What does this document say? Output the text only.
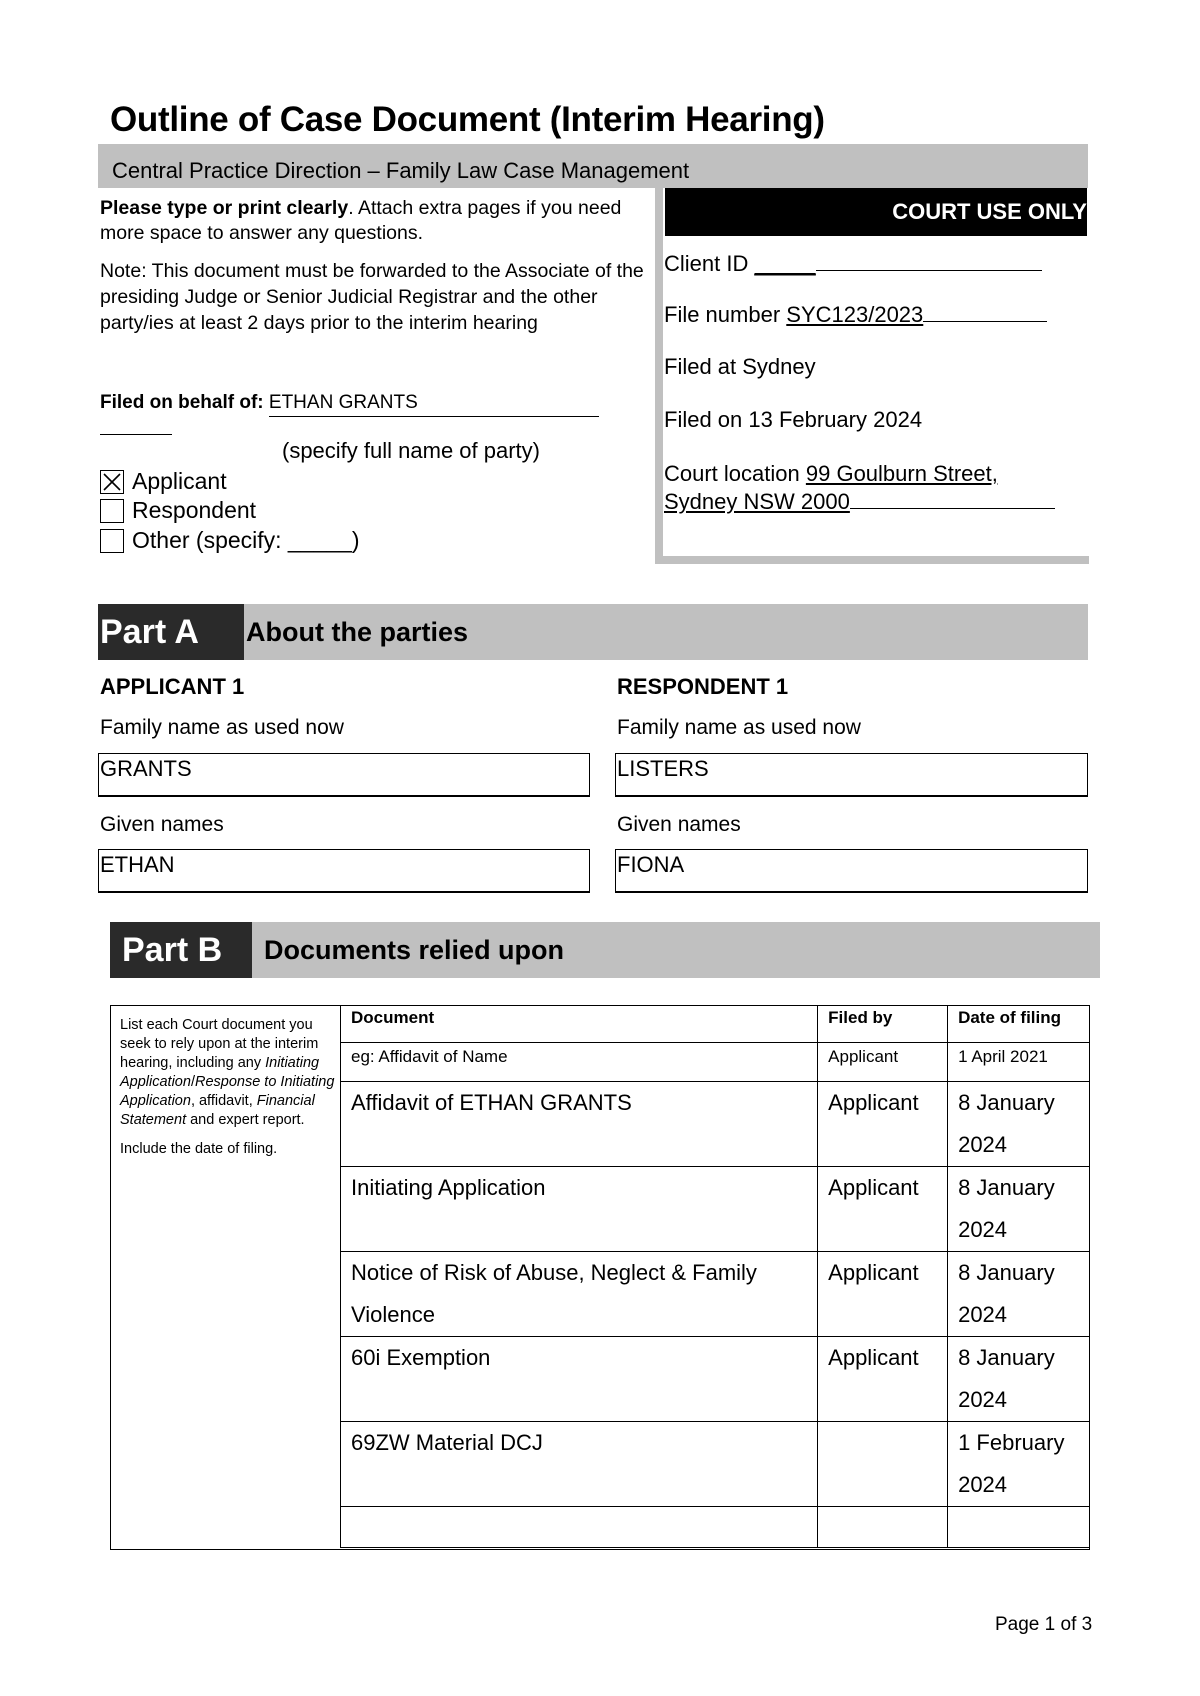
Outline of Case Document (Interim Hearing)
Central Practice Direction – Family Law Case Management
Please type or print clearly. Attach extra pages if you need more space to answer any questions.
Note: This document must be forwarded to the Associate of the presiding Judge or Senior Judicial Registrar and the other party/ies at least 2 days prior to the interim hearing
Filed on behalf of: ETHAN GRANTS

(specify full name of party)
Applicant
Respondent
Other (specify: _____)
COURT USE ONLY
Client ID _____
File number SYC123/2023
Filed at Sydney
Filed on 13 February 2024
Court location 99 Goulburn Street,
Sydney NSW 2000
Part A	About the parties
APPLICANT 1
Family name as used now
GRANTS
Given names
ETHAN
RESPONDENT 1
Family name as used now
LISTERS
Given names
FIONA
Part B	Documents relied upon

List each Court document you seek to rely upon at the interim hearing, including any Initiating Application/Response to Initiating Application, affidavit, Financial Statement and expert report.

Include the date of filing.

Document	Filed by	Date of filing
eg: Affidavit of Name	Applicant	1 April 2021
Affidavit of ETHAN GRANTS	Applicant	8 January 2024
Initiating Application	Applicant	8 January 2024
Notice of Risk of Abuse, Neglect & Family Violence	Applicant	8 January 2024
60i Exemption	Applicant	8 January 2024
69ZW Material DCJ		1 February 2024

Page 1 of 3
